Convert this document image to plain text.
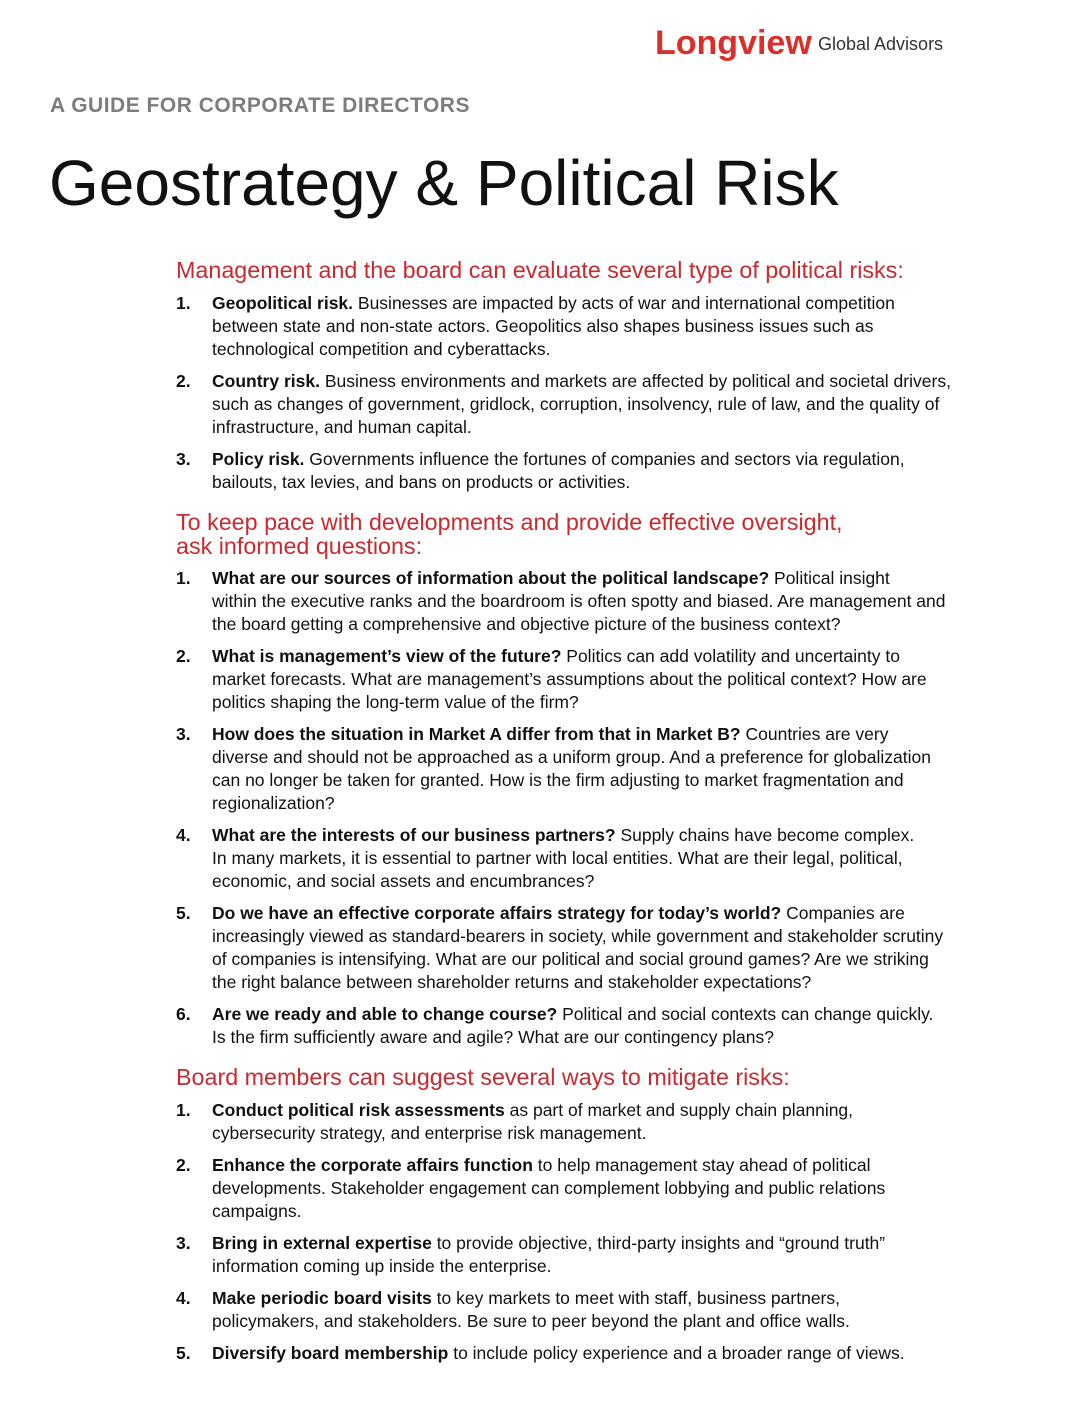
Longview Global Advisors
A GUIDE FOR CORPORATE DIRECTORS
Geostrategy & Political Risk
Management and the board can evaluate several type of political risks:
1.	Geopolitical risk. Businesses are impacted by acts of war and international competition
between state and non-state actors. Geopolitics also shapes business issues such as
technological competition and cyberattacks.
2.	Country risk. Business environments and markets are affected by political and societal drivers,
such as changes of government, gridlock, corruption, insolvency, rule of law, and the quality of
infrastructure, and human capital.
3.	Policy risk. Governments influence the fortunes of companies and sectors via regulation,
bailouts, tax levies, and bans on products or activities.
To keep pace with developments and provide effective oversight,
ask informed questions:
1.	What are our sources of information about the political landscape? Political insight
within the executive ranks and the boardroom is often spotty and biased. Are management and
the board getting a comprehensive and objective picture of the business context?
2.	What is management’s view of the future? Politics can add volatility and uncertainty to
market forecasts. What are management’s assumptions about the political context? How are
politics shaping the long-term value of the firm?
3.	How does the situation in Market A differ from that in Market B? Countries are very
diverse and should not be approached as a uniform group. And a preference for globalization
can no longer be taken for granted. How is the firm adjusting to market fragmentation and
regionalization?
4.	What are the interests of our business partners? Supply chains have become complex.
In many markets, it is essential to partner with local entities. What are their legal, political,
economic, and social assets and encumbrances?
5.	Do we have an effective corporate affairs strategy for today’s world? Companies are
increasingly viewed as standard-bearers in society, while government and stakeholder scrutiny
of companies is intensifying. What are our political and social ground games? Are we striking
the right balance between shareholder returns and stakeholder expectations?
6.	Are we ready and able to change course? Political and social contexts can change quickly.
Is the firm sufficiently aware and agile? What are our contingency plans?
Board members can suggest several ways to mitigate risks:
1.	Conduct political risk assessments as part of market and supply chain planning,
cybersecurity strategy, and enterprise risk management.
2.	Enhance the corporate affairs function to help management stay ahead of political
developments. Stakeholder engagement can complement lobbying and public relations
campaigns.
3.	Bring in external expertise to provide objective, third-party insights and “ground truth”
information coming up inside the enterprise.
4.	Make periodic board visits to key markets to meet with staff, business partners,
policymakers, and stakeholders. Be sure to peer beyond the plant and office walls.
5.	Diversify board membership to include policy experience and a broader range of views.
